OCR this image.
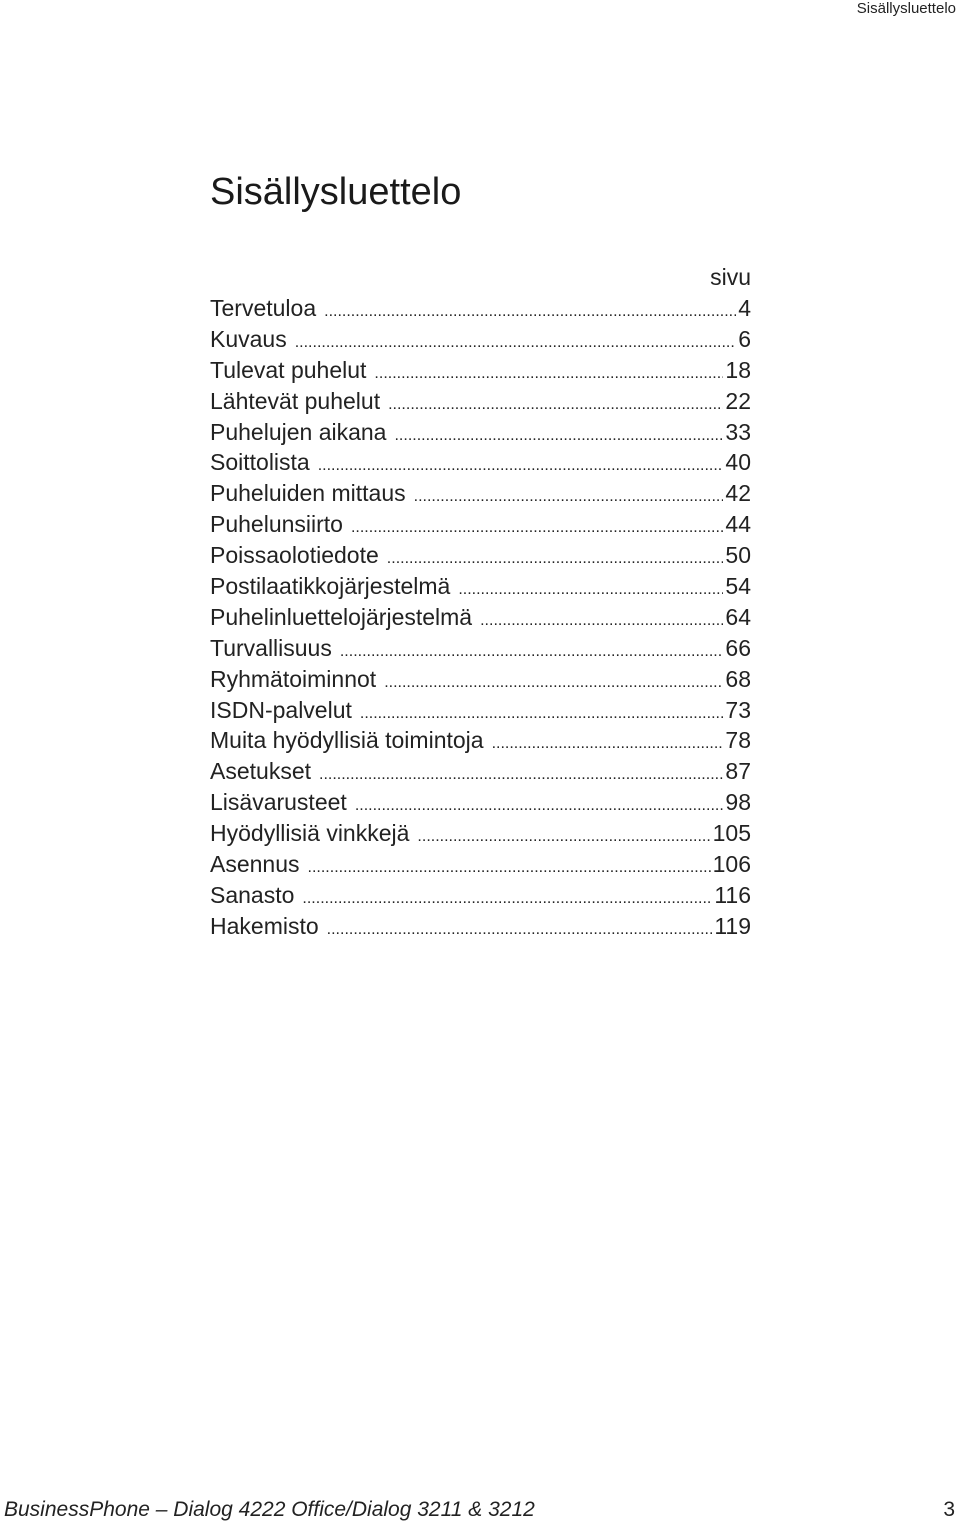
Sisällysluettelo
Sisällysluettelo
sivu
Tervetuloa .....	4
Kuvaus .....	6
Tulevat puhelut .....	18
Lähtevät puhelut .....	22
Puhelujen aikana .....	33
Soittolista .....	40
Puheluiden mittaus .....	42
Puhelunsiirto .....	44
Poissaolotiedote .....	50
Postilaatikkojärjestelmä .....	54
Puhelinluettelojärjestelmä .....	64
Turvallisuus .....	66
Ryhmätoiminnot .....	68
ISDN-palvelut .....	73
Muita hyödyllisiä toimintoja .....	78
Asetukset .....	87
Lisävarusteet .....	98
Hyödyllisiä vinkkejä .....	105
Asennus .....	106
Sanasto .....	116
Hakemisto .....	119
BusinessPhone – Dialog 4222 Office/Dialog 3211 & 3212	3
